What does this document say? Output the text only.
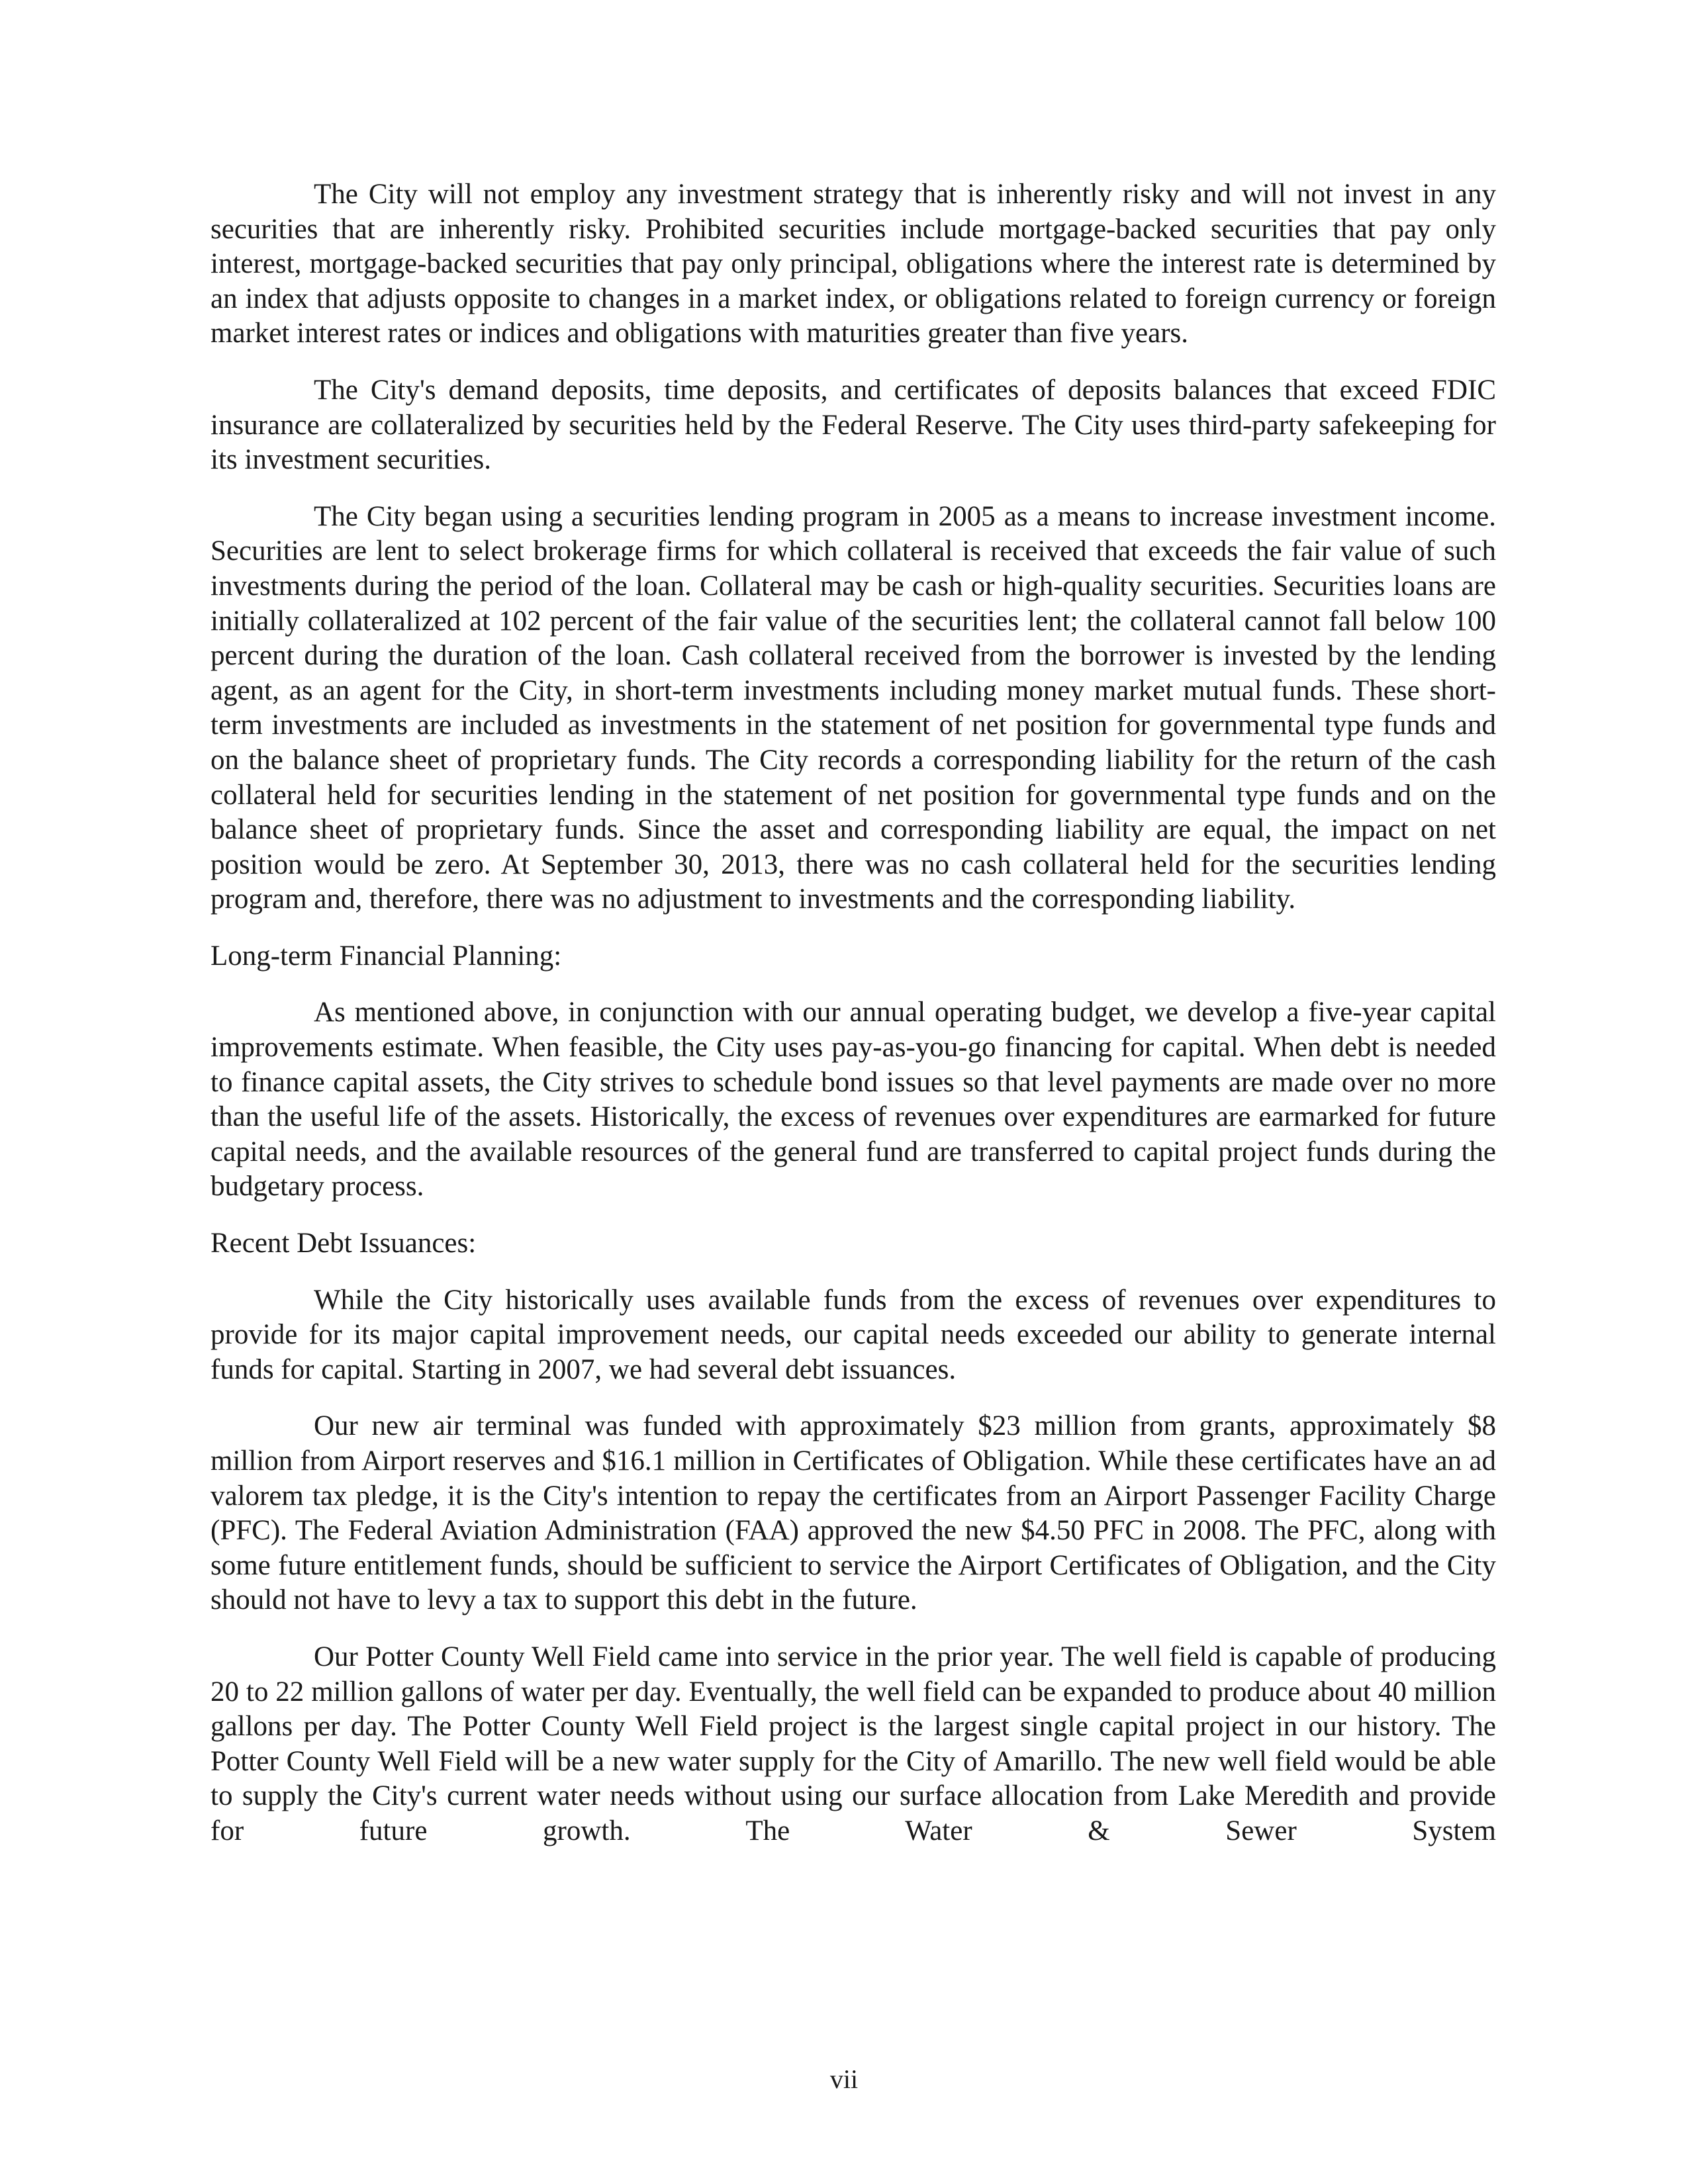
The City will not employ any investment strategy that is inherently risky and will not invest in any securities that are inherently risky. Prohibited securities include mortgage-backed securities that pay only interest, mortgage-backed securities that pay only principal, obligations where the interest rate is determined by an index that adjusts opposite to changes in a market index, or obligations related to foreign currency or foreign market interest rates or indices and obligations with maturities greater than five years.

The City's demand deposits, time deposits, and certificates of deposits balances that exceed FDIC insurance are collateralized by securities held by the Federal Reserve. The City uses third-party safekeeping for its investment securities.

The City began using a securities lending program in 2005 as a means to increase investment income. Securities are lent to select brokerage firms for which collateral is received that exceeds the fair value of such investments during the period of the loan. Collateral may be cash or high-quality securities. Securities loans are initially collateralized at 102 percent of the fair value of the securities lent; the collateral cannot fall below 100 percent during the duration of the loan. Cash collateral received from the borrower is invested by the lending agent, as an agent for the City, in short-term investments including money market mutual funds. These short-term investments are included as investments in the statement of net position for governmental type funds and on the balance sheet of proprietary funds. The City records a corresponding liability for the return of the cash collateral held for securities lending in the statement of net position for governmental type funds and on the balance sheet of proprietary funds. Since the asset and corresponding liability are equal, the impact on net position would be zero. At September 30, 2013, there was no cash collateral held for the securities lending program and, therefore, there was no adjustment to investments and the corresponding liability.

Long-term Financial Planning:

As mentioned above, in conjunction with our annual operating budget, we develop a five-year capital improvements estimate. When feasible, the City uses pay-as-you-go financing for capital. When debt is needed to finance capital assets, the City strives to schedule bond issues so that level payments are made over no more than the useful life of the assets. Historically, the excess of revenues over expenditures are earmarked for future capital needs, and the available resources of the general fund are transferred to capital project funds during the budgetary process.

Recent Debt Issuances:

While the City historically uses available funds from the excess of revenues over expenditures to provide for its major capital improvement needs, our capital needs exceeded our ability to generate internal funds for capital. Starting in 2007, we had several debt issuances.

Our new air terminal was funded with approximately $23 million from grants, approximately $8 million from Airport reserves and $16.1 million in Certificates of Obligation. While these certificates have an ad valorem tax pledge, it is the City's intention to repay the certificates from an Airport Passenger Facility Charge (PFC). The Federal Aviation Administration (FAA) approved the new $4.50 PFC in 2008. The PFC, along with some future entitlement funds, should be sufficient to service the Airport Certificates of Obligation, and the City should not have to levy a tax to support this debt in the future.

Our Potter County Well Field came into service in the prior year. The well field is capable of producing 20 to 22 million gallons of water per day. Eventually, the well field can be expanded to produce about 40 million gallons per day. The Potter County Well Field project is the largest single capital project in our history. The Potter County Well Field will be a new water supply for the City of Amarillo. The new well field would be able to supply the City's current water needs without using our surface allocation from Lake Meredith and provide for future growth. The Water & Sewer System

vii
